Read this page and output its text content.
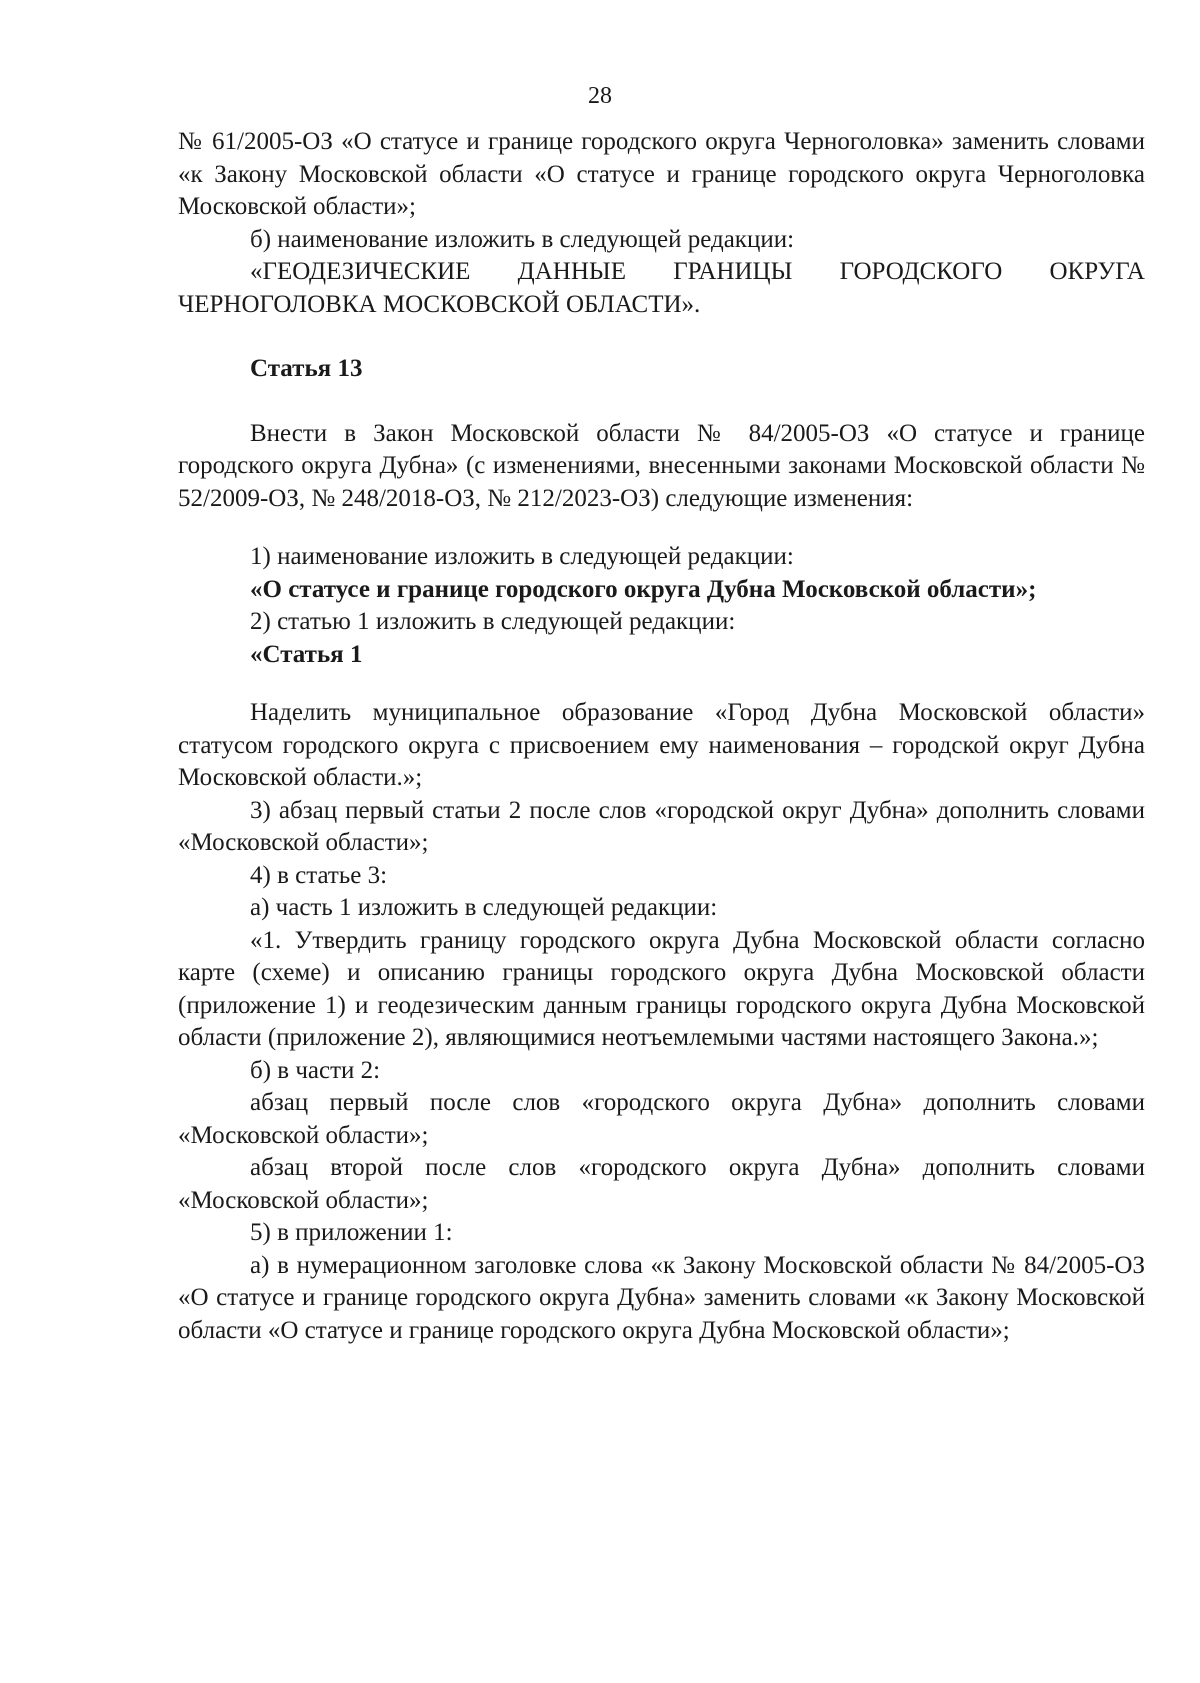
28

№ 61/2005-ОЗ «О статусе и границе городского округа Черноголовка» заменить словами «к Закону Московской области «О статусе и границе городского округа Черноголовка Московской области»;

б) наименование изложить в следующей редакции:

«ГЕОДЕЗИЧЕСКИЕ ДАННЫЕ ГРАНИЦЫ ГОРОДСКОГО ОКРУГА ЧЕРНОГОЛОВКА МОСКОВСКОЙ ОБЛАСТИ».

Статья 13

Внести в Закон Московской области № 84/2005-ОЗ «О статусе и границе городского округа Дубна» (с изменениями, внесенными законами Московской области № 52/2009-ОЗ, № 248/2018-ОЗ, № 212/2023-ОЗ) следующие изменения:

1) наименование изложить в следующей редакции:

«О статусе и границе городского округа Дубна Московской области»;

2) статью 1 изложить в следующей редакции:

«Статья 1

Наделить муниципальное образование «Город Дубна Московской области» статусом городского округа с присвоением ему наименования – городской округ Дубна Московской области.»;

3) абзац первый статьи 2 после слов «городской округ Дубна» дополнить словами «Московской области»;

4) в статье 3:

а) часть 1 изложить в следующей редакции:

«1. Утвердить границу городского округа Дубна Московской области согласно карте (схеме) и описанию границы городского округа Дубна Московской области (приложение 1) и геодезическим данным границы городского округа Дубна Московской области (приложение 2), являющимися неотъемлемыми частями настоящего Закона.»;

б) в части 2:

абзац первый после слов «городского округа Дубна» дополнить словами «Московской области»;

абзац второй после слов «городского округа Дубна» дополнить словами «Московской области»;

5) в приложении 1:

а) в нумерационном заголовке слова «к Закону Московской области № 84/2005-ОЗ «О статусе и границе городского округа Дубна» заменить словами «к Закону Московской области «О статусе и границе городского округа Дубна Московской области»;
